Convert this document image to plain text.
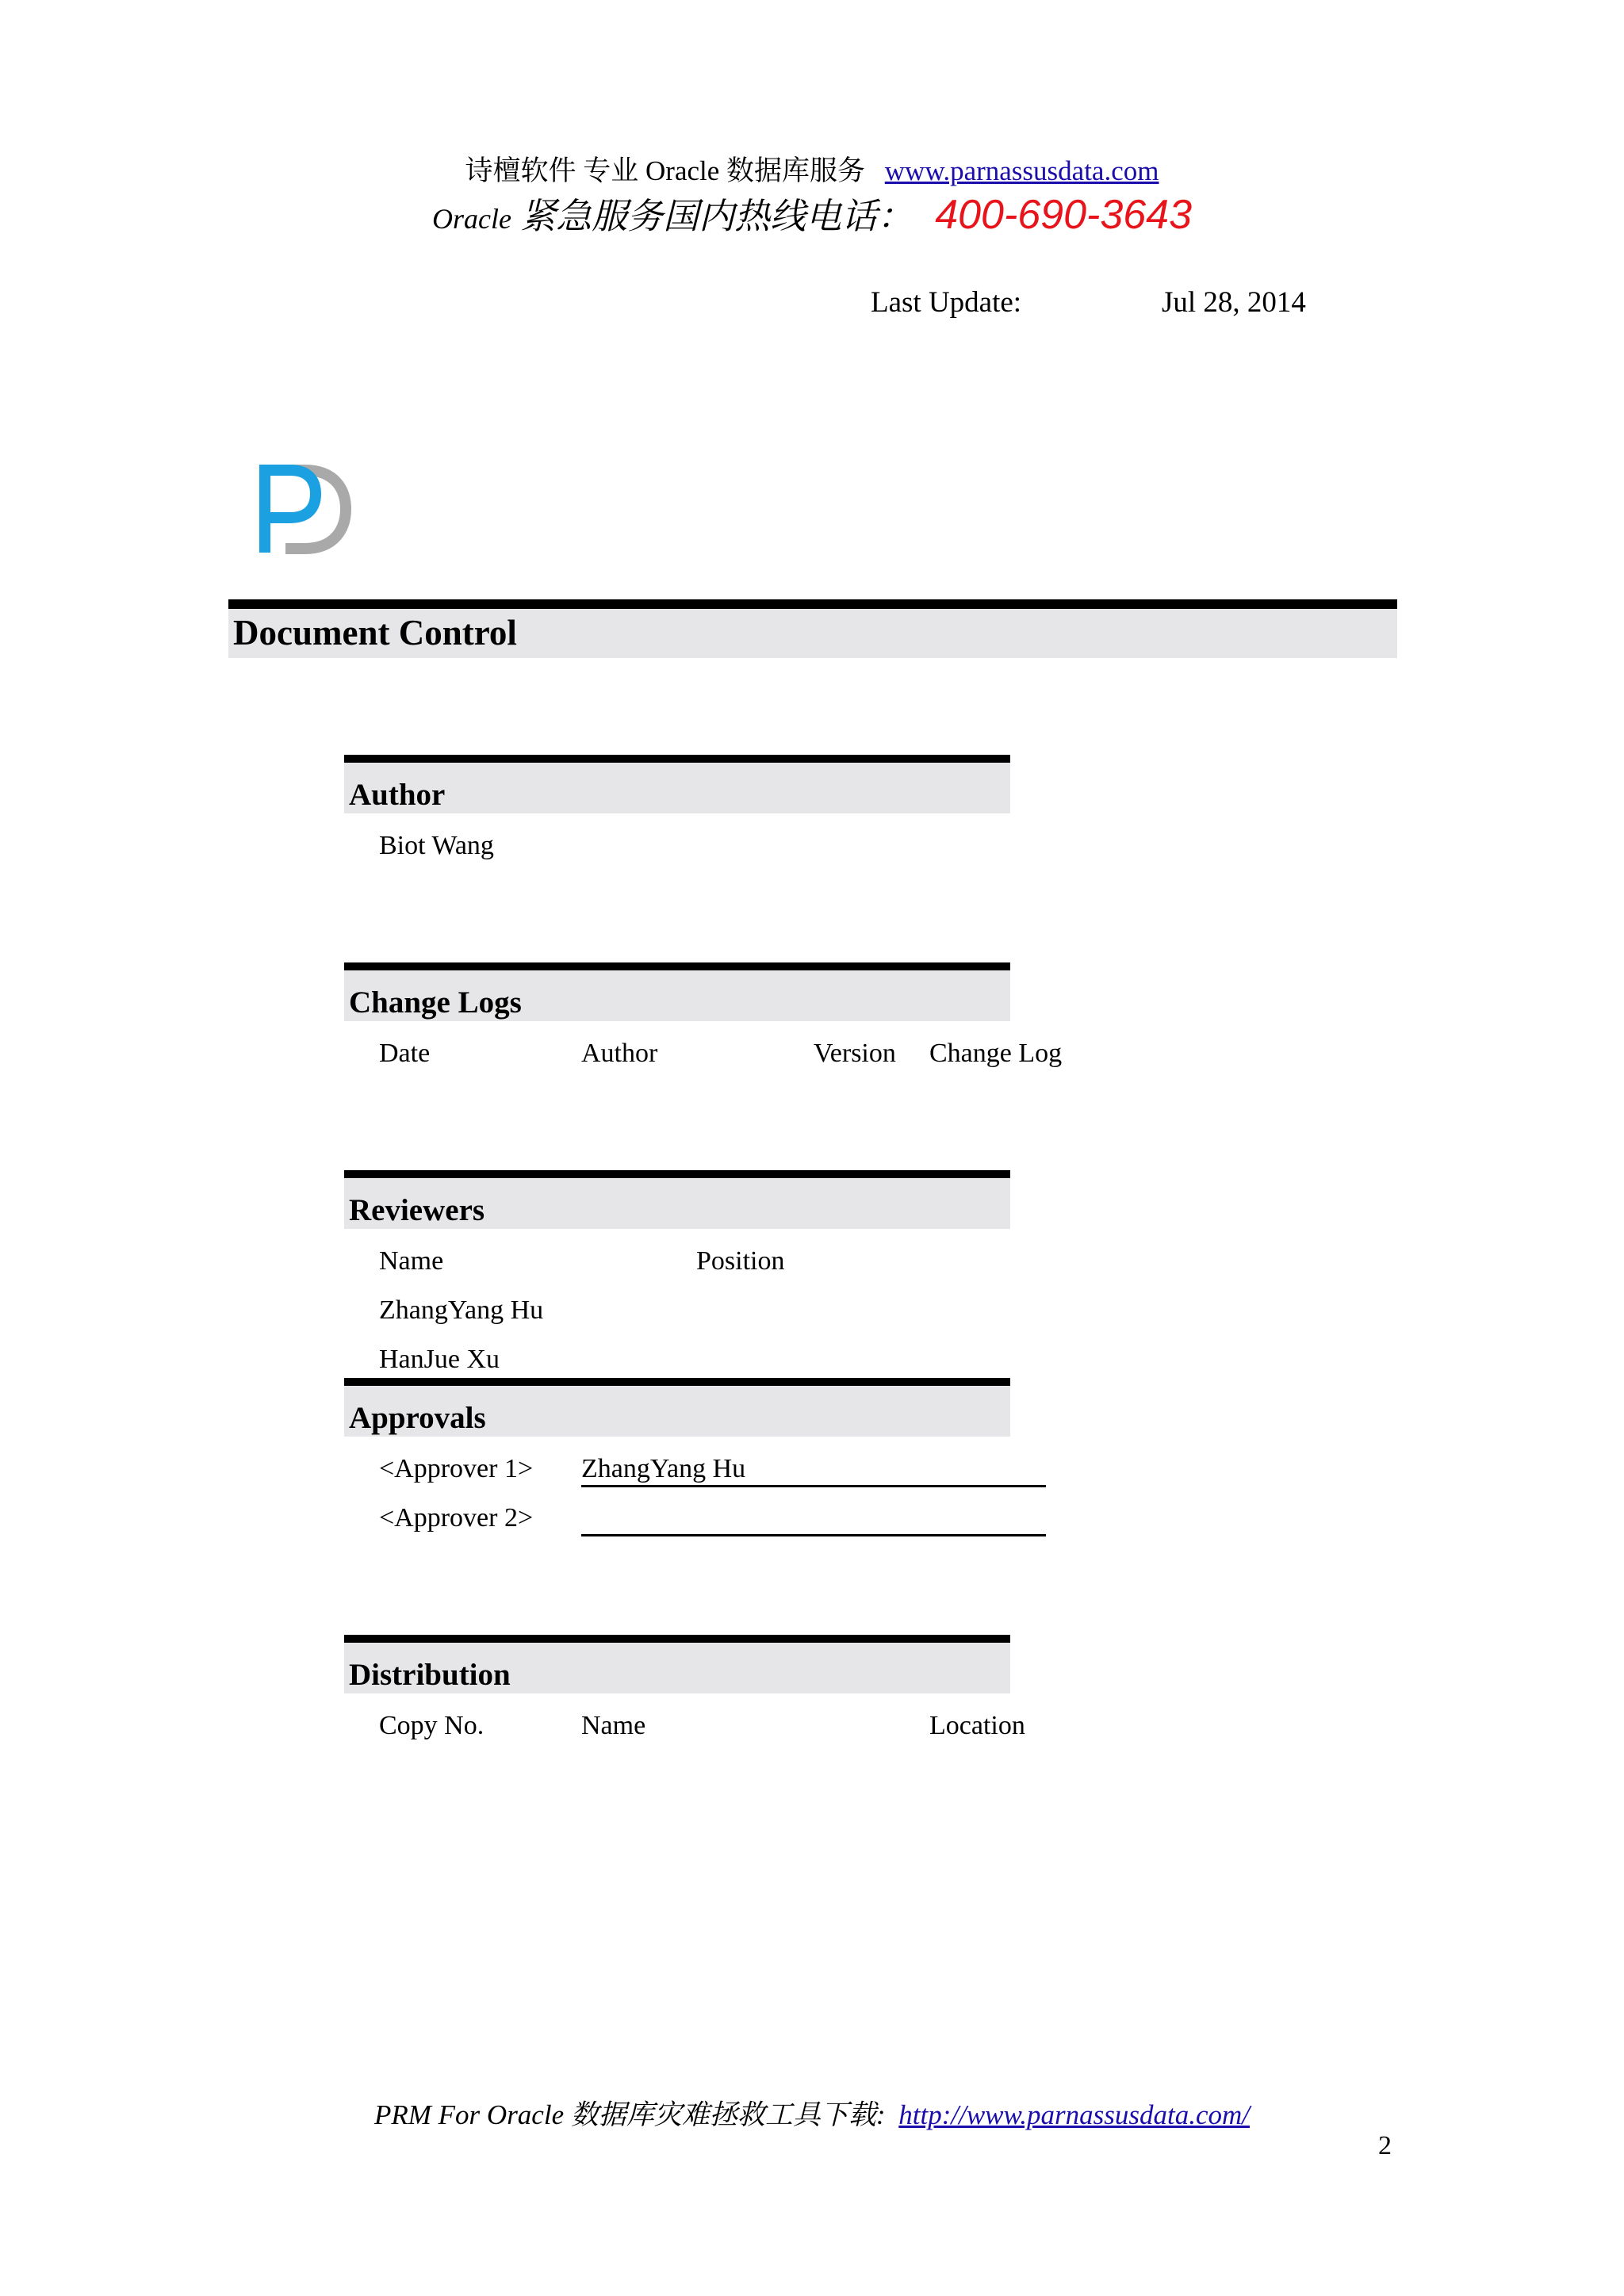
诗檀软件 专业 Oracle 数据库服务 www.parnassusdata.com
Oracle 紧急服务国内热线电话： 400-690-3643
Last Update:	Jul 28, 2014
Document Control
Author
Biot Wang
Change Logs
Date	Author	Version Change Log
Reviewers
Name	Position
ZhangYang Hu
HanJue Xu
Approvals
<Approver 1> ZhangYang Hu
<Approver 2>
Distribution
Copy No.	Name	Location
PRM For Oracle 数据库灾难拯救工具下载: http://www.parnassusdata.com/
2
